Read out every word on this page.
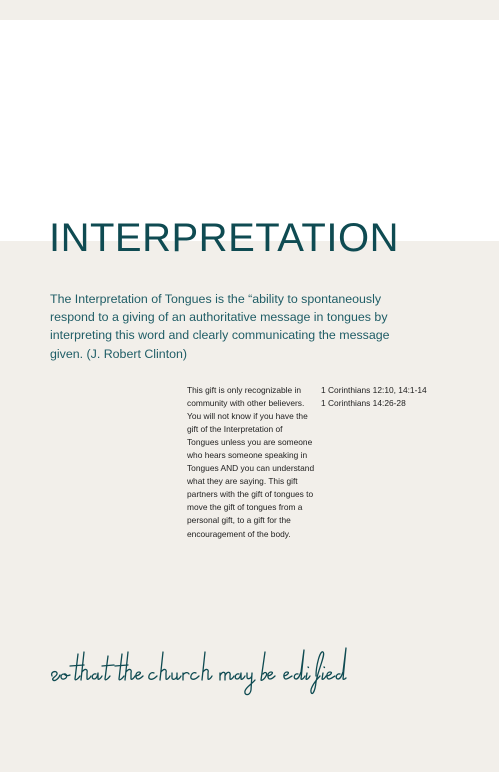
INTERPRETATION

The Interpretation of Tongues is the “ability to spontaneously respond to a giving of an authoritative message in tongues by interpreting this word and clearly communicating the message given. (J. Robert Clinton)

This gift is only recognizable in community with other believers. You will not know if you have the gift of the Interpretation of Tongues unless you are someone who hears someone speaking in Tongues AND you can understand what they are saying. This gift partners with the gift of tongues to move the gift of tongues from a personal gift, to a gift for the encouragement of the body.

1 Corinthians 12:10, 14:1-14
1 Corinthians 14:26-28
